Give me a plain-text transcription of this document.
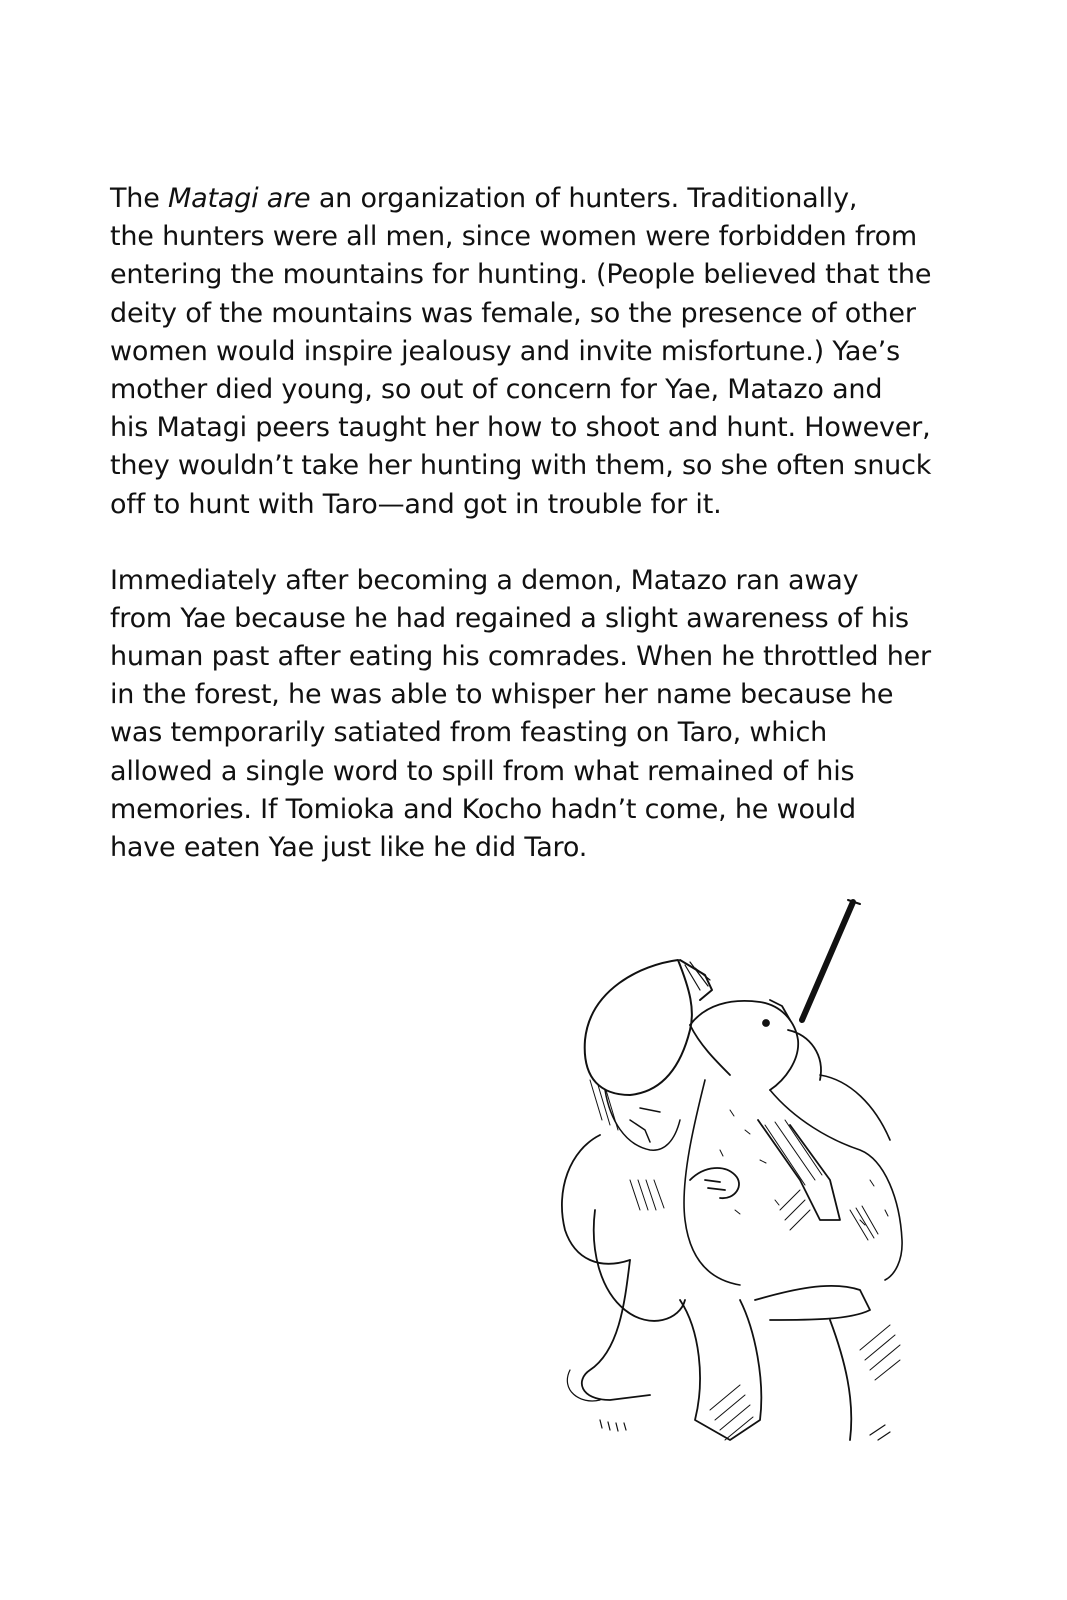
The Matagi are an organization of hunters. Traditionally,
the hunters were all men, since women were forbidden from
entering the mountains for hunting. (People believed that the
deity of the mountains was female, so the presence of other
women would inspire jealousy and invite misfortune.) Yae’s
mother died young, so out of concern for Yae, Matazo and
his Matagi peers taught her how to shoot and hunt. However,
they wouldn’t take her hunting with them, so she often snuck
off to hunt with Taro—and got in trouble for it.

Immediately after becoming a demon, Matazo ran away
from Yae because he had regained a slight awareness of his
human past after eating his comrades. When he throttled her
in the forest, he was able to whisper her name because he
was temporarily satiated from feasting on Taro, which
allowed a single word to spill from what remained of his
memories. If Tomioka and Kocho hadn’t come, he would
have eaten Yae just like he did Taro.
